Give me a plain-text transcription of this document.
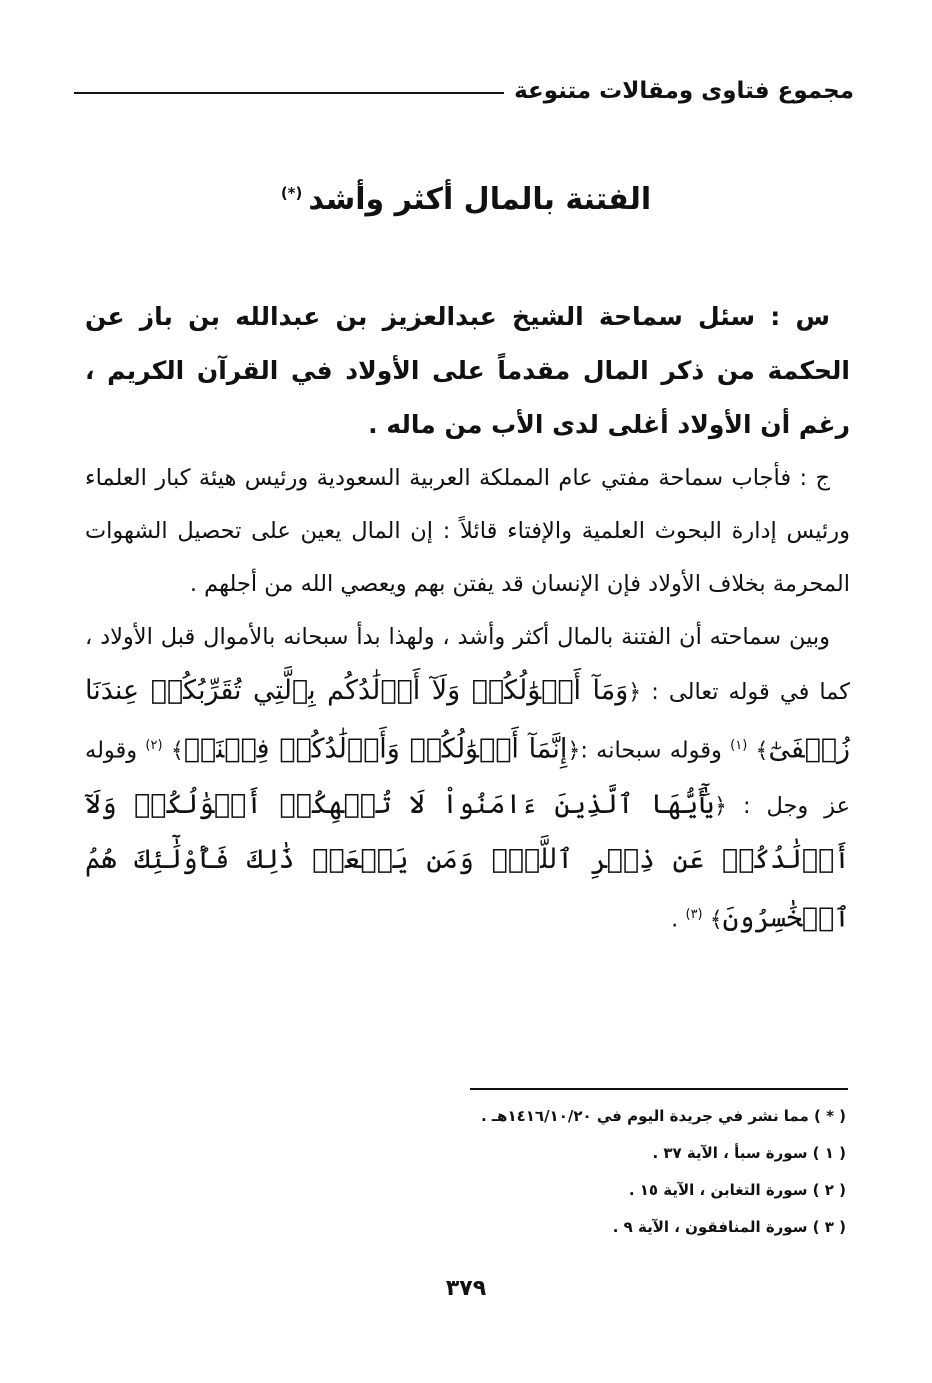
مجموع فتاوى ومقالات متنوعة
الفتنة بالمال أكثر وأشد(*)

س : سئل سماحة الشيخ عبدالعزيز بن عبدالله بن باز عن الحكمة من ذكر المال مقدماً على الأولاد في القرآن الكريم ، رغم أن الأولاد أغلى لدى الأب من ماله .

ج : فأجاب سماحة مفتي عام المملكة العربية السعودية ورئيس هيئة كبار العلماء ورئيس إدارة البحوث العلمية والإفتاء قائلاً : إن المال يعين على تحصيل الشهوات المحرمة بخلاف الأولاد فإن الإنسان قد يفتن بهم ويعصي الله من أجلهم .

وبين سماحته أن الفتنة بالمال أكثر وأشد ، ولهذا بدأ سبحانه بالأموال قبل الأولاد ، كما في قوله تعالى : ﴿وَمَآ أَمۡوَٰلُكُمۡ وَلَآ أَوۡلَٰدُكُم بِٱلَّتِي تُقَرِّبُكُمۡ عِندَنَا زُلۡفَىٰٓ﴾ $^{(١)}$ وقوله سبحانه :﴿إِنَّمَآ أَمۡوَٰلُكُمۡ وَأَوۡلَٰدُكُمۡ فِتۡنَةٞ﴾ $^{(٢)}$ وقوله عز وجل : ﴿يَٰٓأَيُّهَا ٱلَّذِينَ ءَامَنُواْ لَا تُلۡهِكُمۡ أَمۡوَٰلُكُمۡ وَلَآ أَوۡلَٰدُكُمۡ عَن ذِكۡرِ ٱللَّهِۚ وَمَن يَفۡعَلۡ ذَٰلِكَ فَأُوْلَٰٓئِكَ هُمُ ٱلۡخَٰسِرُونَ﴾ $^{(٣)}$ .

( * ) مما نشر في جريدة اليوم في ١٤١٦/١٠/٢٠هـ .
( ١ ) سورة سبأ ، الآية ٣٧ .
( ٢ ) سورة التغابن ، الآية ١٥ .
( ٣ ) سورة المنافقون ، الآية ٩ .
٣٧٩
